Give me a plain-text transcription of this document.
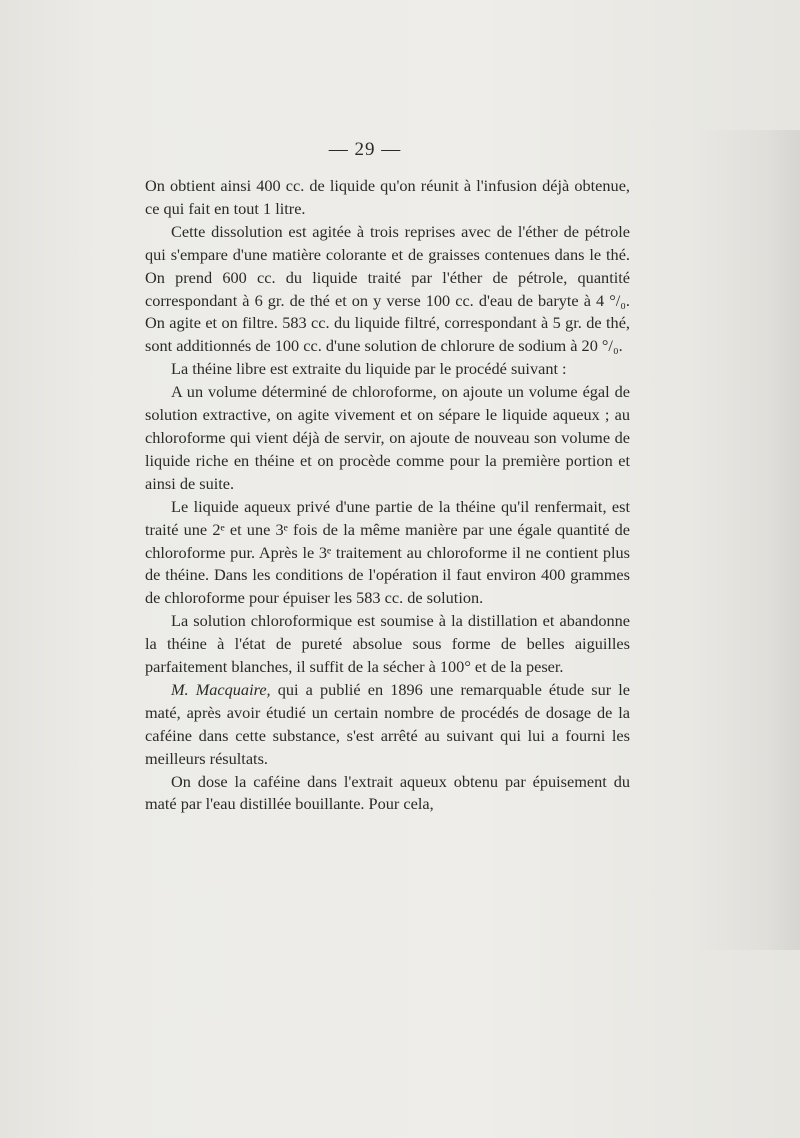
— 29 —

On obtient ainsi 400 cc. de liquide qu'on réunit à l'infusion déjà obtenue, ce qui fait en tout 1 litre.

Cette dissolution est agitée à trois reprises avec de l'éther de pétrole qui s'empare d'une matière colorante et de graisses contenues dans le thé. On prend 600 cc. du liquide traité par l'éther de pétrole, quantité correspondant à 6 gr. de thé et on y verse 100 cc. d'eau de baryte à 4 °/₀. On agite et on filtre. 583 cc. du liquide filtré, correspondant à 5 gr. de thé, sont additionnés de 100 cc. d'une solution de chlorure de sodium à 20 °/₀.

La théine libre est extraite du liquide par le procédé suivant :

A un volume déterminé de chloroforme, on ajoute un volume égal de solution extractive, on agite vivement et on sépare le liquide aqueux ; au chloroforme qui vient déjà de servir, on ajoute de nouveau son volume de liquide riche en théine et on procède comme pour la première portion et ainsi de suite.

Le liquide aqueux privé d'une partie de la théine qu'il renfermait, est traité une 2ᵉ et une 3ᵉ fois de la même manière par une égale quantité de chloroforme pur. Après le 3ᵉ traitement au chloroforme il ne contient plus de théine. Dans les conditions de l'opération il faut environ 400 grammes de chloroforme pour épuiser les 583 cc. de solution.

La solution chloroformique est soumise à la distillation et abandonne la théine à l'état de pureté absolue sous forme de belles aiguilles parfaitement blanches, il suffit de la sécher à 100° et de la peser.

M. Macquaire, qui a publié en 1896 une remarquable étude sur le maté, après avoir étudié un certain nombre de procédés de dosage de la caféine dans cette substance, s'est arrêté au suivant qui lui a fourni les meilleurs résultats.

On dose la caféine dans l'extrait aqueux obtenu par épuisement du maté par l'eau distillée bouillante. Pour cela,
